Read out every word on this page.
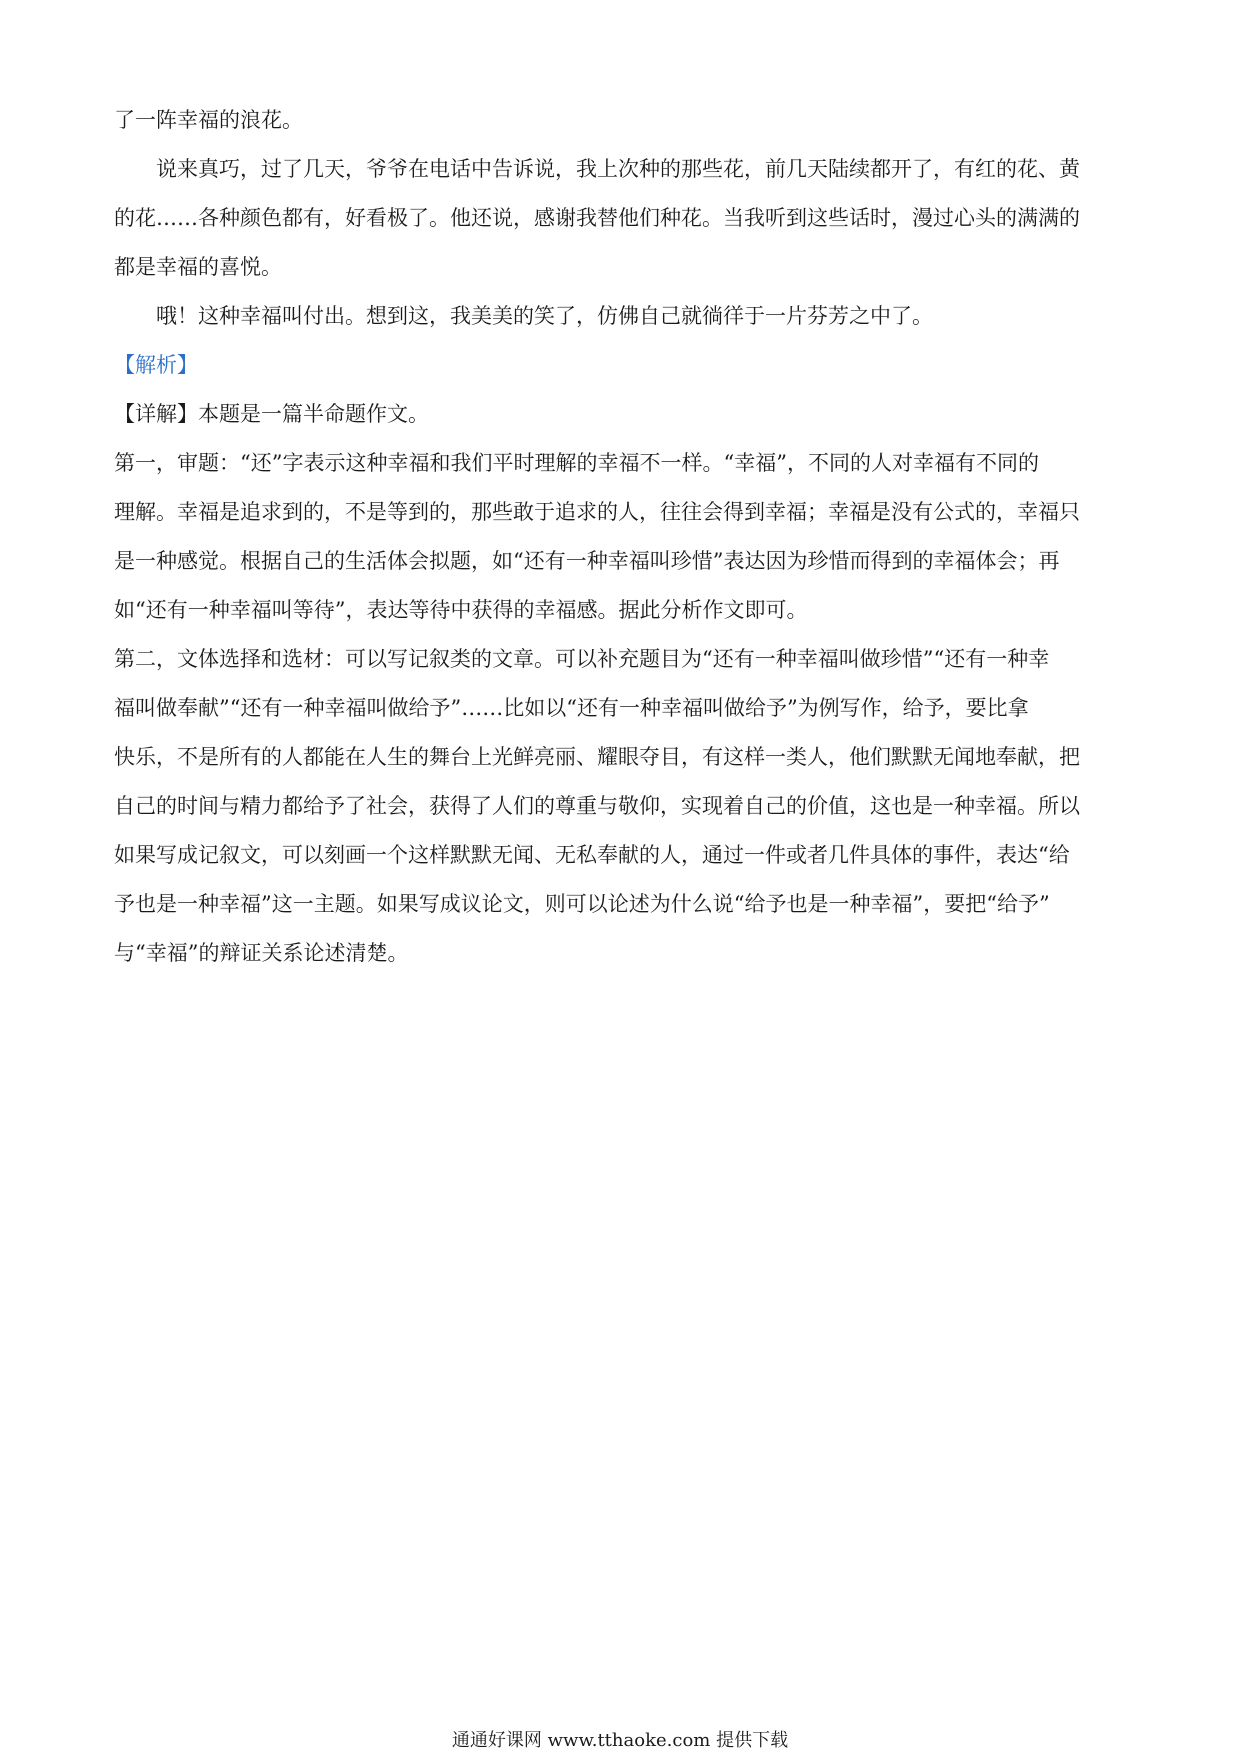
了一阵幸福的浪花。

说来真巧，过了几天，爷爷在电话中告诉说，我上次种的那些花，前几天陆续都开了，有红的花、黄

的花……各种颜色都有，好看极了。他还说，感谢我替他们种花。当我听到这些话时，漫过心头的满满的

都是幸福的喜悦。

哦！这种幸福叫付出。想到这，我美美的笑了，仿佛自己就徜徉于一片芬芳之中了。

【解析】

【详解】本题是一篇半命题作文。

第一，审题：“还”字表示这种幸福和我们平时理解的幸福不一样。“幸福”，不同的人对幸福有不同的

理解。幸福是追求到的，不是等到的，那些敢于追求的人，往往会得到幸福；幸福是没有公式的，幸福只

是一种感觉。根据自己的生活体会拟题，如“还有一种幸福叫珍惜”表达因为珍惜而得到的幸福体会；再

如“还有一种幸福叫等待”，表达等待中获得的幸福感。据此分析作文即可。

第二，文体选择和选材：可以写记叙类的文章。可以补充题目为“还有一种幸福叫做珍惜”“还有一种幸

福叫做奉献”“还有一种幸福叫做给予”……比如以“还有一种幸福叫做给予”为例写作，给予，要比拿

快乐，不是所有的人都能在人生的舞台上光鲜亮丽、耀眼夺目，有这样一类人，他们默默无闻地奉献，把

自己的时间与精力都给予了社会，获得了人们的尊重与敬仰，实现着自己的价值，这也是一种幸福。所以

如果写成记叙文，可以刻画一个这样默默无闻、无私奉献的人，通过一件或者几件具体的事件，表达“给

予也是一种幸福”这一主题。如果写成议论文，则可以论述为什么说“给予也是一种幸福”，要把“给予”

与“幸福”的辩证关系论述清楚。

通通好课网 www.tthaoke.com 提供下载
